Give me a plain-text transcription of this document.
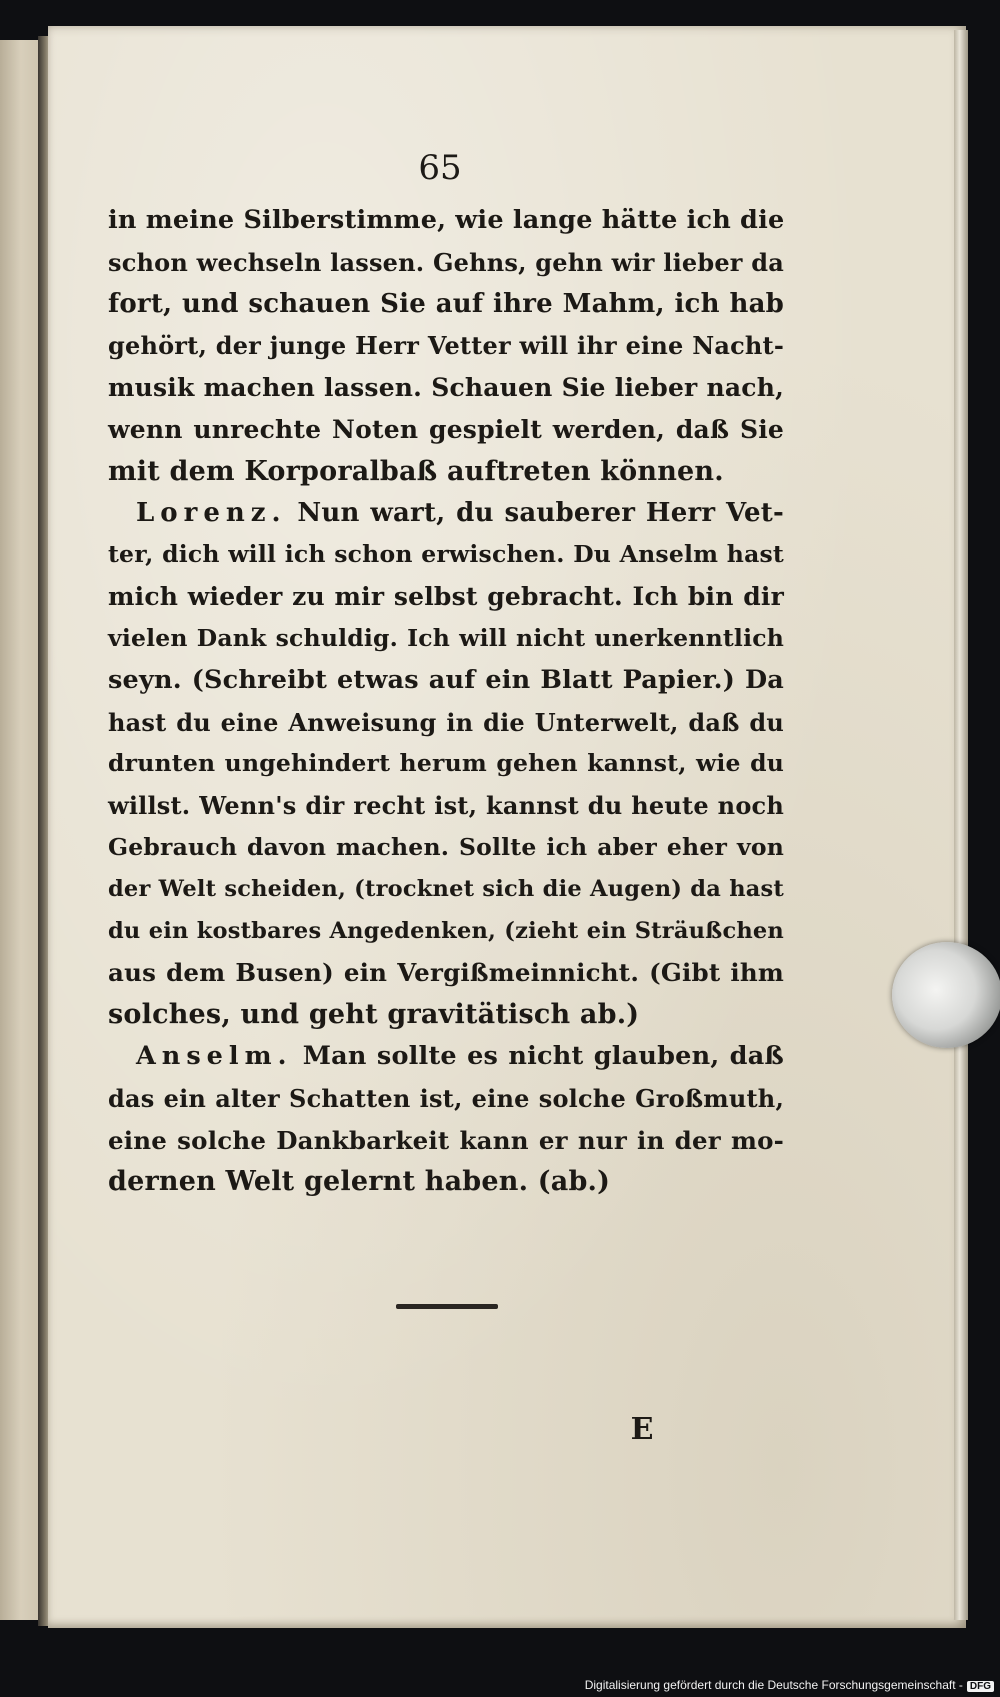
65
in meine Silberstimme, wie lange hätte ich die
schon wechseln lassen. Gehns, gehn wir lieber da
fort, und schauen Sie auf ihre Mahm, ich hab
gehört, der junge Herr Vetter will ihr eine Nacht-
musik machen lassen. Schauen Sie lieber nach,
wenn unrechte Noten gespielt werden, daß Sie
mit dem Korporalbaß auftreten können.
Lorenz. Nun wart, du sauberer Herr Vet-
ter, dich will ich schon erwischen. Du Anselm hast
mich wieder zu mir selbst gebracht. Ich bin dir
vielen Dank schuldig. Ich will nicht unerkenntlich
seyn. (Schreibt etwas auf ein Blatt Papier.) Da
hast du eine Anweisung in die Unterwelt, daß du
drunten ungehindert herum gehen kannst, wie du
willst. Wenn's dir recht ist, kannst du heute noch
Gebrauch davon machen. Sollte ich aber eher von
der Welt scheiden, (trocknet sich die Augen) da hast
du ein kostbares Angedenken, (zieht ein Sträußchen
aus dem Busen) ein Vergißmeinnicht. (Gibt ihm
solches, und geht gravitätisch ab.)
Anselm. Man sollte es nicht glauben, daß
das ein alter Schatten ist, eine solche Großmuth,
eine solche Dankbarkeit kann er nur in der mo-
dernen Welt gelernt haben. (ab.)
E
Digitalisierung gefördert durch die Deutsche Forschungsgemeinschaft - DFG
